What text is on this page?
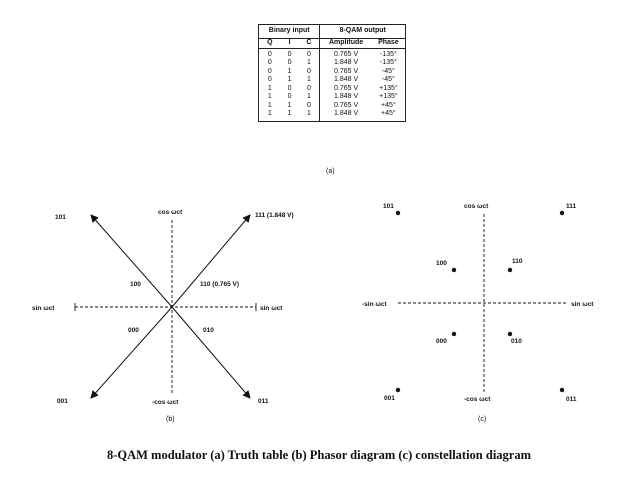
Binary input			8-QAM output	
Q	I	C	Amplitude	Phase
0	0	0	0.765 V	-135°
0	0	1	1.848 V	-135°
0	1	0	0.765 V	-45°
0	1	1	1.848 V	-45°
1	0	0	0.765 V	+135°
1	0	1	1.848 V	+135°
1	1	0	0.765 V	+45°
1	1	1	1.848 V	+45°
(a)
cos ωct
-cos ωct
sin ωct	sin ωct
101	111 (1.848 V)
100	110 (0.765 V)
000	010
001	011
(b)
cos ωct
-cos ωct
-sin ωct	sin ωct
101	111
100	110
000	010
001	011
(c)
8-QAM modulator (a) Truth table (b) Phasor diagram (c) constellation diagram
